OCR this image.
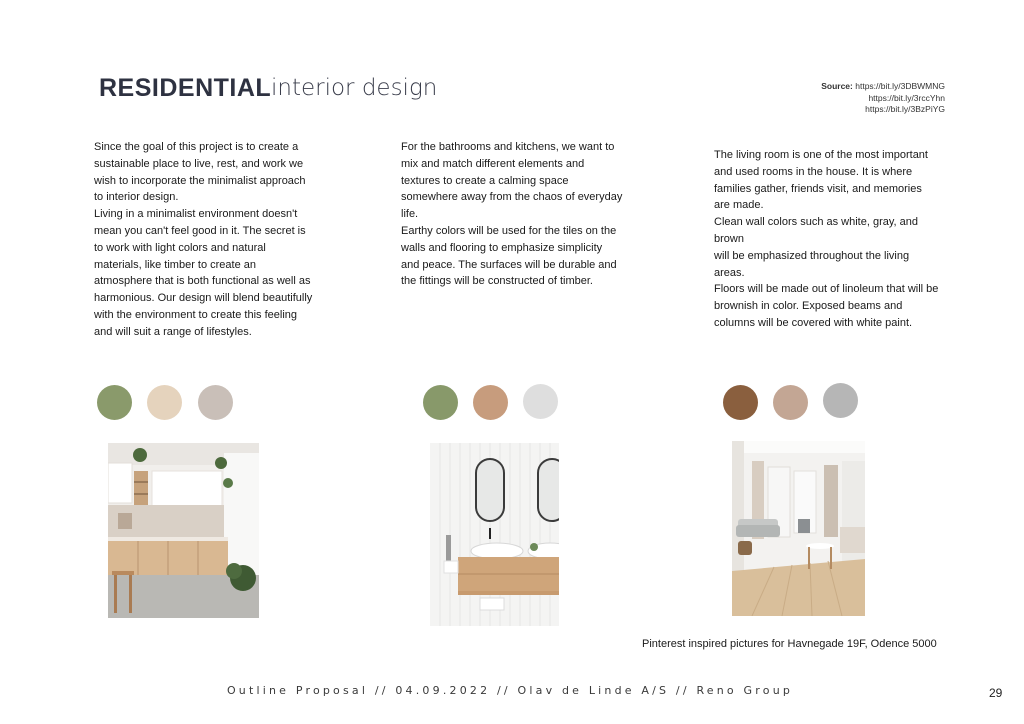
RESIDENTIAL interior design	Source: https://bit.ly/3DBWMNG
https://bit.ly/3rccYhn
https://bit.ly/3BzPiYG

Since the goal of this project is to create a sustainable place to live, rest, and work we wish to incorporate the minimalist approach to interior design.

Living in a minimalist environment doesn't mean you can't feel good in it. The secret is to work with light colors and natural materials, like timber to create an atmosphere that is both functional as well as harmonious. Our design will blend beautifully with the environment to create this feeling and will suit a range of lifestyles.

For the bathrooms and kitchens, we want to mix and match different elements and textures to create a calming space somewhere away from the chaos of everyday life.

Earthy colors will be used for the tiles on the walls and flooring to emphasize simplicity and peace. The surfaces will be durable and the fittings will be constructed of timber.

The living room is one of the most important and used rooms in the house. It is where families gather, friends visit, and memories are made.

Clean wall colors such as white, gray, and brown

will be emphasized throughout the living areas.

Floors will be made out of linoleum that will be brownish in color. Exposed beams and columns will be covered with white paint.

Pinterest inspired pictures for Havnegade 19F, Odence 5000
Outline Proposal // 04.09.2022 // Olav de Linde A/S // Reno Group	29
